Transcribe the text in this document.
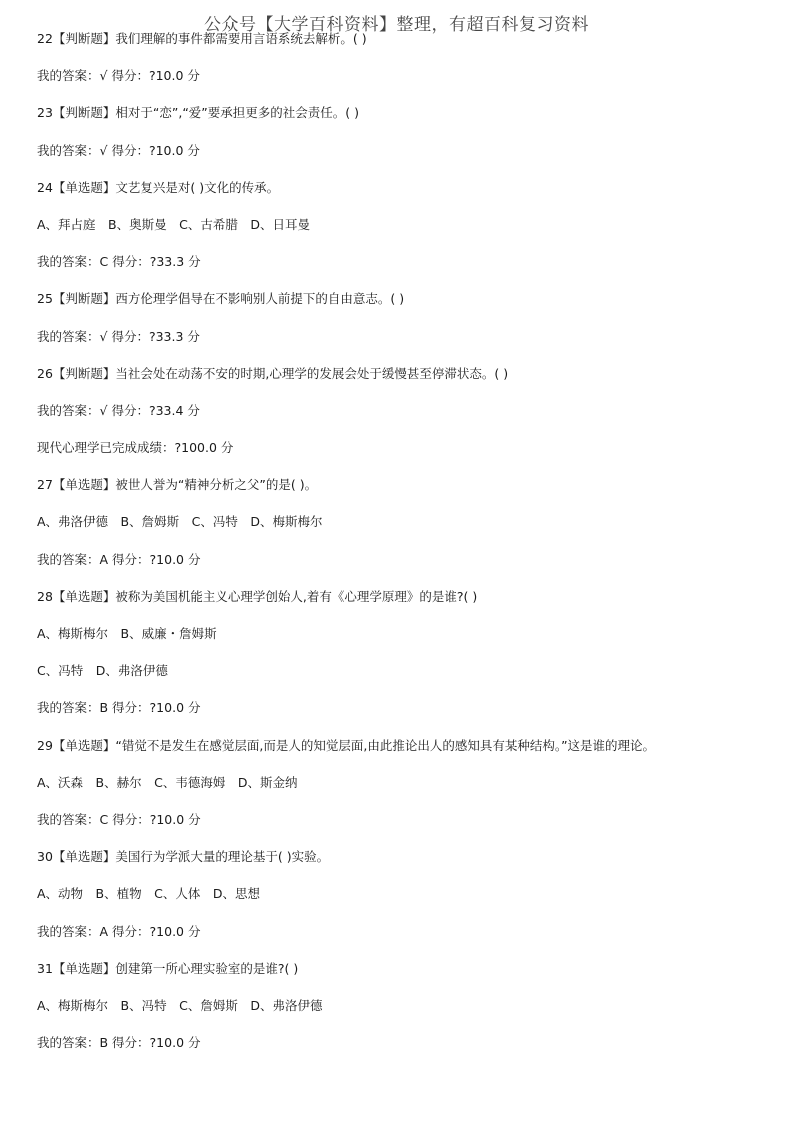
公众号【大学百科资料】整理，有超百科复习资料
22【判断题】我们理解的事件都需要用言语系统去解析。( )
我的答案：√ 得分：?10.0 分
23【判断题】相对于“恋”,“爱”要承担更多的社会责任。( )
我的答案：√ 得分：?10.0 分
24【单选题】文艺复兴是对( )文化的传承。
A、拜占庭　B、奥斯曼　C、古希腊　D、日耳曼
我的答案：C 得分：?33.3 分
25【判断题】西方伦理学倡导在不影响别人前提下的自由意志。( )
我的答案：√ 得分：?33.3 分
26【判断题】当社会处在动荡不安的时期,心理学的发展会处于缓慢甚至停滞状态。( )
我的答案：√ 得分：?33.4 分
现代心理学已完成成绩：?100.0 分
27【单选题】被世人誉为“精神分析之父”的是( )。
A、弗洛伊德　B、詹姆斯　C、冯特　D、梅斯梅尔
我的答案：A 得分：?10.0 分
28【单选题】被称为美国机能主义心理学创始人,着有《心理学原理》的是谁?( )
A、梅斯梅尔　B、威廉・詹姆斯
C、冯特　D、弗洛伊德
我的答案：B 得分：?10.0 分
29【单选题】“错觉不是发生在感觉层面,而是人的知觉层面,由此推论出人的感知具有某种结构。”这是谁的理论。
A、沃森　B、赫尔　C、韦德海姆　D、斯金纳
我的答案：C 得分：?10.0 分
30【单选题】美国行为学派大量的理论基于( )实验。
A、动物　B、植物　C、人体　D、思想
我的答案：A 得分：?10.0 分
31【单选题】创建第一所心理实验室的是谁?( )
A、梅斯梅尔　B、冯特　C、詹姆斯　D、弗洛伊德
我的答案：B 得分：?10.0 分
